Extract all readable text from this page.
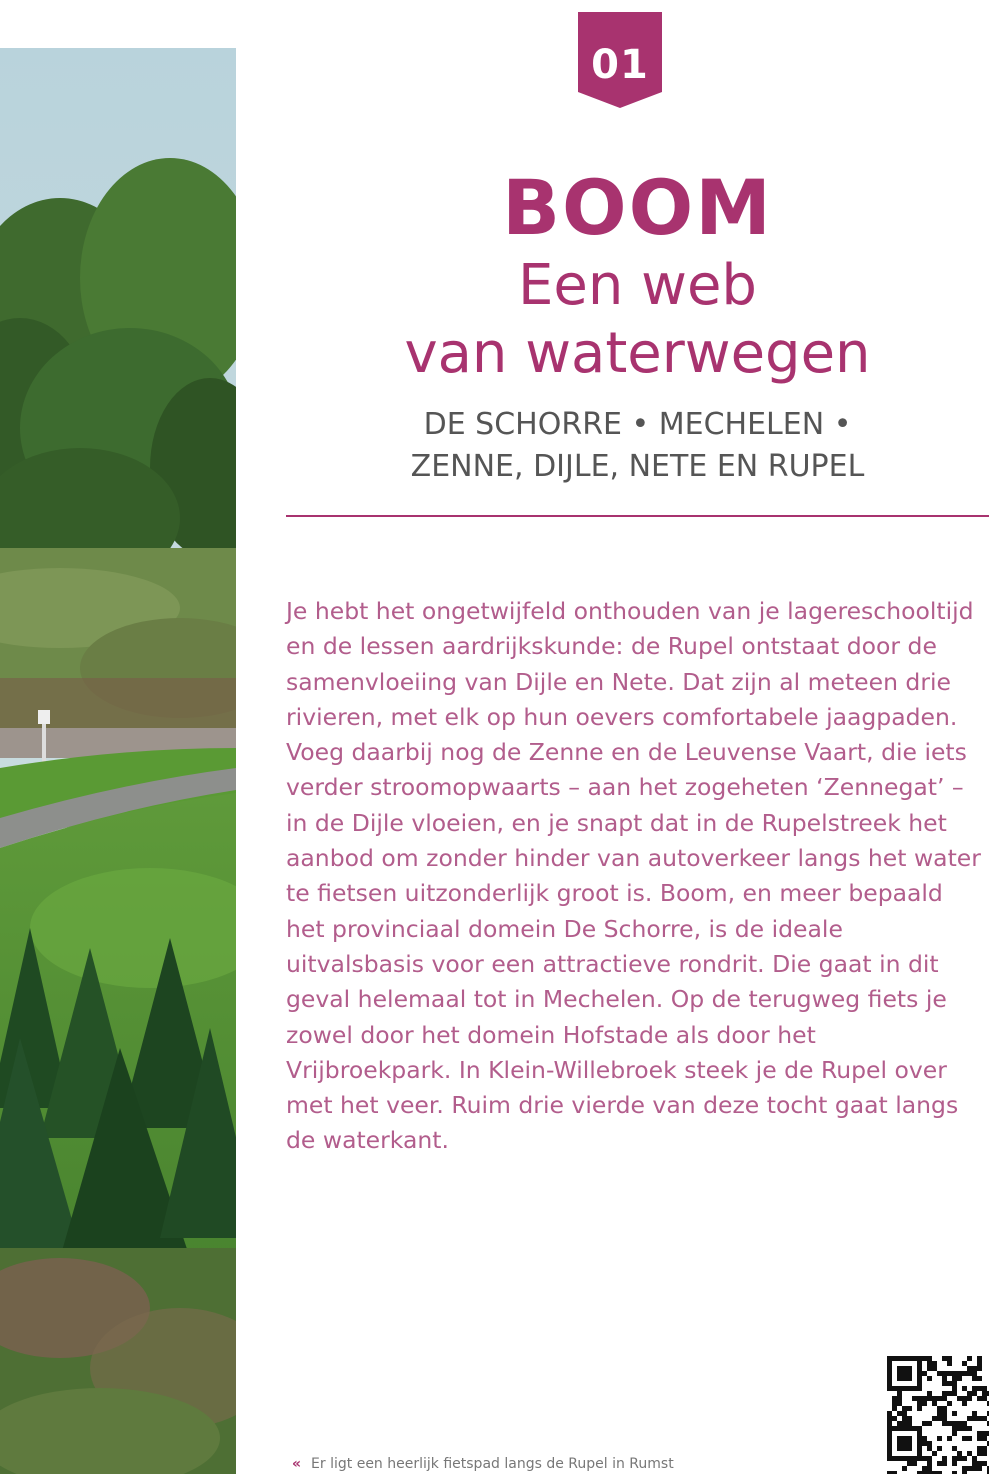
01
BOOM
Een web
van waterwegen
DE SCHORRE • MECHELEN •
ZENNE, DIJLE, NETE EN RUPEL
Je hebt het ongetwijfeld onthouden van je lagereschooltijd en de lessen aardrijkskunde: de Rupel ontstaat door de samenvloeiing van Dijle en Nete. Dat zijn al meteen drie rivieren, met elk op hun oevers comfortabele jaagpaden. Voeg daarbij nog de Zenne en de Leuvense Vaart, die iets verder stroomopwaarts – aan het zogeheten ‘Zennegat’ – in de Dijle vloeien, en je snapt dat in de Rupelstreek het aanbod om zonder hinder van autoverkeer langs het water te fietsen uitzonderlijk groot is. Boom, en meer bepaald het provinciaal domein De Schorre, is de ideale uitvalsbasis voor een attractieve rondrit. Die gaat in dit geval helemaal tot in Mechelen. Op de terugweg fiets je zowel door het domein Hofstade als door het Vrijbroekpark. In Klein-Willebroek steek je de Rupel over met het veer. Ruim drie vierde van deze tocht gaat langs de waterkant.
« Er ligt een heerlijk fietspad langs de Rupel in Rumst
